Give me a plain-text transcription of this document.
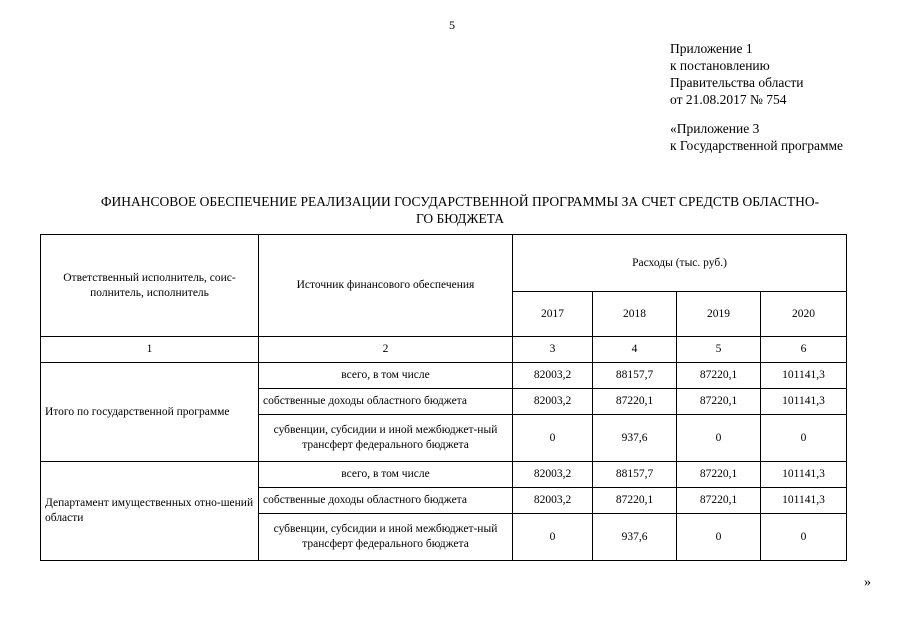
5
Приложение 1
к постановлению
Правительства области
от 21.08.2017 № 754
«Приложение 3
к Государственной программе
ФИНАНСОВОЕ ОБЕСПЕЧЕНИЕ РЕАЛИЗАЦИИ ГОСУДАРСТВЕННОЙ ПРОГРАММЫ ЗА СЧЕТ СРЕДСТВ ОБЛАСТНО-
ГО БЮДЖЕТА
Ответственный исполнитель, соис-полнитель, исполнитель	Источник финансового обеспечения	Расходы (тыс. руб.)			
		2017	2018	2019	2020
1	2	3	4	5	6
Итого по государственной программе	всего, в том числе	82003,2	88157,7	87220,1	101141,3
	собственные доходы областного бюджета	82003,2	87220,1	87220,1	101141,3
	субвенции, субсидии и иной межбюджет-ный трансферт федерального бюджета	0	937,6	0	0
Департамент имущественных отно-шений области	всего, в том числе	82003,2	88157,7	87220,1	101141,3
	собственные доходы областного бюджета	82003,2	87220,1	87220,1	101141,3
	субвенции, субсидии и иной межбюджет-ный трансферт федерального бюджета	0	937,6	0	0
»
